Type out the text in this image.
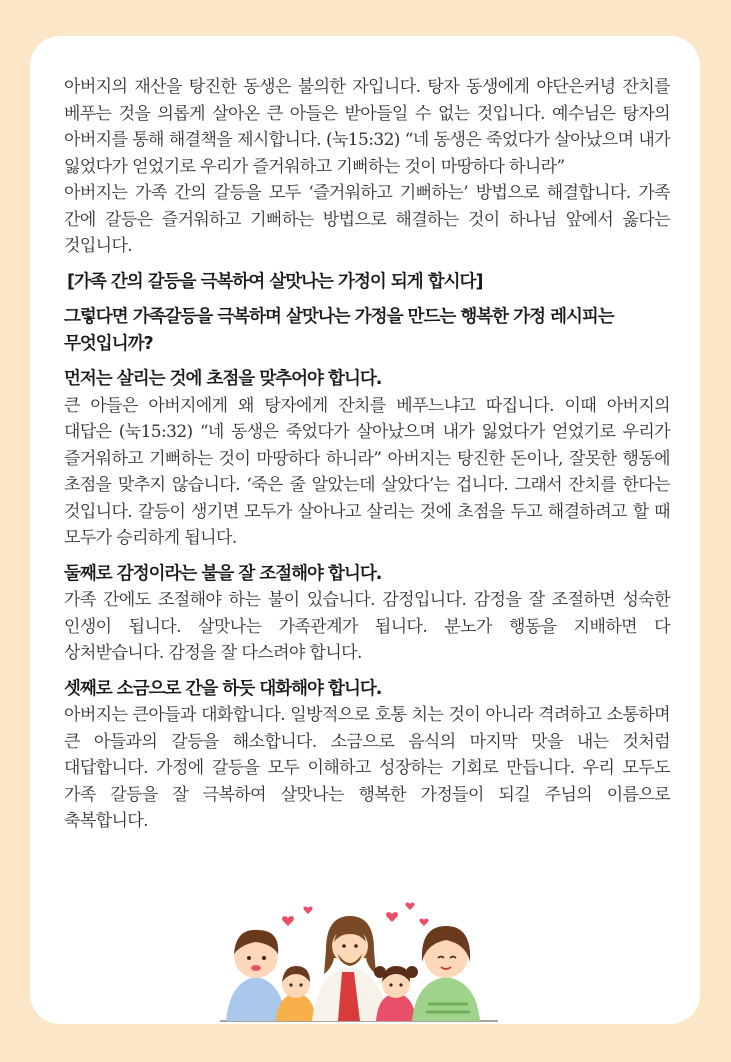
아버지의 재산을 탕진한 동생은 불의한 자입니다. 탕자 동생에게 야단은커녕 잔치를 베푸는 것을 의롭게 살아온 큰 아들은 받아들일 수 없는 것입니다. 예수님은 탕자의 아버지를 통해 해결책을 제시합니다. (눅15:32) “네 동생은 죽었다가 살아났으며 내가 잃었다가 얻었기로 우리가 즐거워하고 기뻐하는 것이 마땅하다 하니라”

아버지는 가족 간의 갈등을 모두 ‘즐거워하고 기뻐하는’ 방법으로 해결합니다. 가족 간에 갈등은 즐거워하고 기뻐하는 방법으로 해결하는 것이 하나님 앞에서 옳다는 것입니다.

[가족 간의 갈등을 극복하여 살맛나는 가정이 되게 합시다]

그렇다면 가족갈등을 극복하며 살맛나는 가정을 만드는 행복한 가정 레시피는 무엇입니까?

먼저는 살리는 것에 초점을 맞추어야 합니다.

큰 아들은 아버지에게 왜 탕자에게 잔치를 베푸느냐고 따집니다. 이때 아버지의 대답은 (눅15:32) “네 동생은 죽었다가 살아났으며 내가 잃었다가 얻었기로 우리가 즐거워하고 기뻐하는 것이 마땅하다 하니라” 아버지는 탕진한 돈이나, 잘못한 행동에 초점을 맞추지 않습니다. ‘죽은 줄 알았는데 살았다’는 겁니다. 그래서 잔치를 한다는 것입니다. 갈등이 생기면 모두가 살아나고 살리는 것에 초점을 두고 해결하려고 할 때 모두가 승리하게 됩니다.

둘째로 감정이라는 불을 잘 조절해야 합니다.

가족 간에도 조절해야 하는 불이 있습니다. 감정입니다. 감정을 잘 조절하면 성숙한 인생이 됩니다. 살맛나는 가족관계가 됩니다. 분노가 행동을 지배하면 다 상처받습니다. 감정을 잘 다스려야 합니다.

셋째로 소금으로 간을 하듯 대화해야 합니다.

아버지는 큰아들과 대화합니다. 일방적으로 호통 치는 것이 아니라 격려하고 소통하며 큰 아들과의 갈등을 해소합니다. 소금으로 음식의 마지막 맛을 내는 것처럼 대답합니다. 가정에 갈등을 모두 이해하고 성장하는 기회로 만듭니다. 우리 모두도 가족 갈등을 잘 극복하여 살맛나는 행복한 가정들이 되길 주님의 이름으로 축복합니다.
